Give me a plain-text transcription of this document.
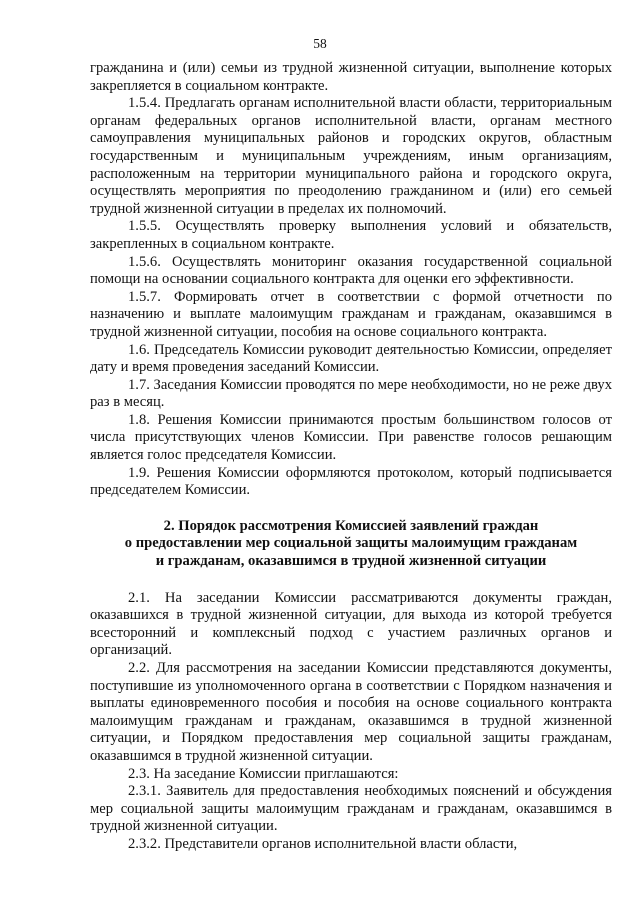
58

гражданина и (или) семьи из трудной жизненной ситуации, выполнение которых закрепляется в социальном контракте.

1.5.4. Предлагать органам исполнительной власти области, территориальным органам федеральных органов исполнительной власти, органам местного самоуправления муниципальных районов и городских округов, областным государственным и муниципальным учреждениям, иным организациям, расположенным на территории муниципального района и городского округа, осуществлять мероприятия по преодолению гражданином и (или) его семьей трудной жизненной ситуации в пределах их полномочий.

1.5.5. Осуществлять проверку выполнения условий и обязательств, закрепленных в социальном контракте.

1.5.6. Осуществлять мониторинг оказания государственной социальной помощи на основании социального контракта для оценки его эффективности.

1.5.7. Формировать отчет в соответствии с формой отчетности по назначению и выплате малоимущим гражданам и гражданам, оказавшимся в трудной жизненной ситуации, пособия на основе социального контракта.

1.6. Председатель Комиссии руководит деятельностью Комиссии, определяет дату и время проведения заседаний Комиссии.

1.7. Заседания Комиссии проводятся по мере необходимости, но не реже двух раз в месяц.

1.8. Решения Комиссии принимаются простым большинством голосов от числа присутствующих членов Комиссии. При равенстве голосов решающим является голос председателя Комиссии.

1.9. Решения Комиссии оформляются протоколом, который подписывается председателем Комиссии.

2. Порядок рассмотрения Комиссией заявлений граждан
о предоставлении мер социальной защиты малоимущим гражданам
и гражданам, оказавшимся в трудной жизненной ситуации

2.1. На заседании Комиссии рассматриваются документы граждан, оказавшихся в трудной жизненной ситуации, для выхода из которой требуется всесторонний и комплексный подход с участием различных органов и организаций.

2.2. Для рассмотрения на заседании Комиссии представляются документы, поступившие из уполномоченного органа в соответствии с Порядком назначения и выплаты единовременного пособия и пособия на основе социального контракта малоимущим гражданам и гражданам, оказавшимся в трудной жизненной ситуации, и Порядком предоставления мер социальной защиты гражданам, оказавшимся в трудной жизненной ситуации.

2.3. На заседание Комиссии приглашаются:

2.3.1. Заявитель для предоставления необходимых пояснений и обсуждения мер социальной защиты малоимущим гражданам и гражданам, оказавшимся в трудной жизненной ситуации.

2.3.2. Представители органов исполнительной власти области,
